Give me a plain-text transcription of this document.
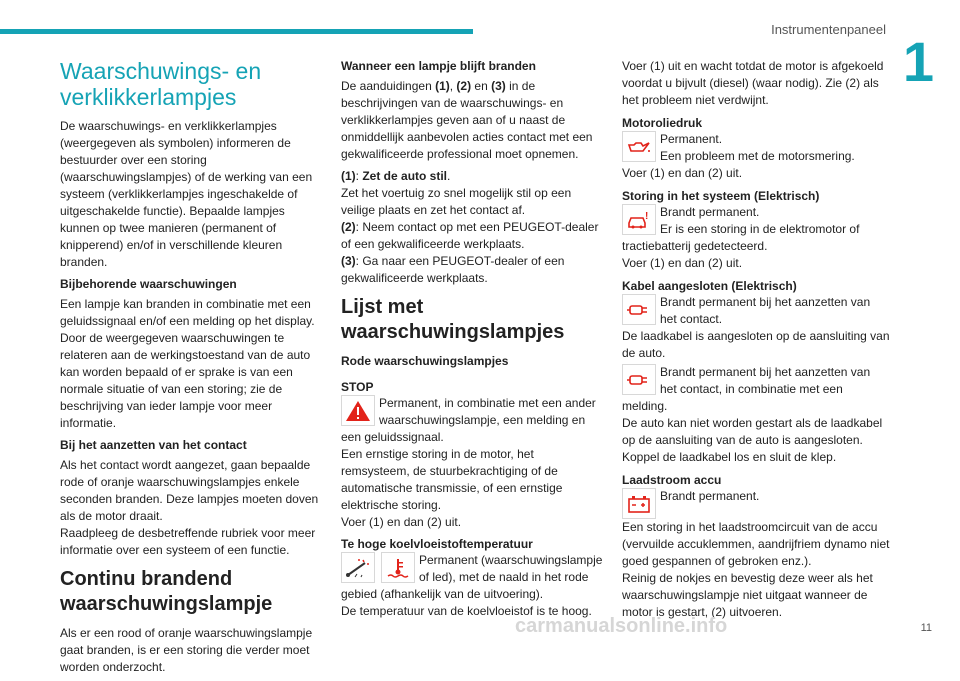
Instrumentenpaneel
1
Waarschuwings- en verklikkerlampjes

De waarschuwings- en verklikkerlampjes (weergegeven als symbolen) informeren de bestuurder over een storing (waarschuwingslampjes) of de werking van een systeem (verklikkerlampjes ingeschakelde of uitgeschakelde functie). Bepaalde lampjes kunnen op twee manieren (permanent of knipperend) en/of in verschillende kleuren branden.

Bijbehorende waarschuwingen

Een lampje kan branden in combinatie met een geluidssignaal en/of een melding op het display.

Door de weergegeven waarschuwingen te relateren aan de werkingstoestand van de auto kan worden bepaald of er sprake is van een normale situatie of van een storing; zie de beschrijving van ieder lampje voor meer informatie.

Bij het aanzetten van het contact

Als het contact wordt aangezet, gaan bepaalde rode of oranje waarschuwingslampjes enkele seconden branden. Deze lampjes moeten doven als de motor draait.

Raadpleeg de desbetreffende rubriek voor meer informatie over een systeem of een functie.

Continu brandend waarschuwingslampje

Als er een rood of oranje waarschuwingslampje gaat branden, is er een storing die verder moet worden onderzocht.

Wanneer een lampje blijft branden

De aanduidingen (1), (2) en (3) in de beschrijvingen van de waarschuwings- en verklikkerlampjes geven aan of u naast de onmiddellijk aanbevolen acties contact met een gekwalificeerde professional moet opnemen.

(1): Zet de auto stil.
Zet het voertuig zo snel mogelijk stil op een veilige plaats en zet het contact af.

(2): Neem contact op met een PEUGEOT-dealer of een gekwalificeerde werkplaats.

(3): Ga naar een PEUGEOT-dealer of een gekwalificeerde werkplaats.

Lijst met waarschuwingslampjes
Rode waarschuwingslampjes
STOP
Permanent, in combinatie met een ander waarschuwingslampje, een melding en een geluidssignaal.
Een ernstige storing in de motor, het remsysteem, de stuurbekrachtiging of de automatische transmissie, of een ernstige elektrische storing.

Voer (1) en dan (2) uit.

Te hoge koelvloeistoftemperatuur
Permanent (waarschuwingslampje of led), met de naald in het rode gebied (afhankelijk van de uitvoering).
De temperatuur van de koelvloeistof is te hoog.

Voer (1) uit en wacht totdat de motor is afgekoeld voordat u bijvult (diesel) (waar nodig). Zie (2) als het probleem niet verdwijnt.

Motoroliedruk
Permanent.
Een probleem met de motorsmering.
Voer (1) en dan (2) uit.
Storing in het systeem (Elektrisch)
! Brandt permanent.
Er is een storing in de elektromotor of tractiebatterij gedetecteerd.
Voer (1) en dan (2) uit.
Kabel aangesloten (Elektrisch)
Brandt permanent bij het aanzetten van het contact.
De laadkabel is aangesloten op de aansluiting van de auto.
Brandt permanent bij het aanzetten van het contact, in combinatie met een melding.
De auto kan niet worden gestart als de laadkabel op de aansluiting van de auto is aangesloten.
Koppel de laadkabel los en sluit de klep.
Laadstroom accu
Brandt permanent.
Een storing in het laadstroomcircuit van de accu (vervuilde accuklemmen, aandrijfriem dynamo niet goed gespannen of gebroken enz.).
Reinig de nokjes en bevestig deze weer als het waarschuwingslampje niet uitgaat wanneer de motor is gestart, (2) uitvoeren.
carmanualsonline.info	11
